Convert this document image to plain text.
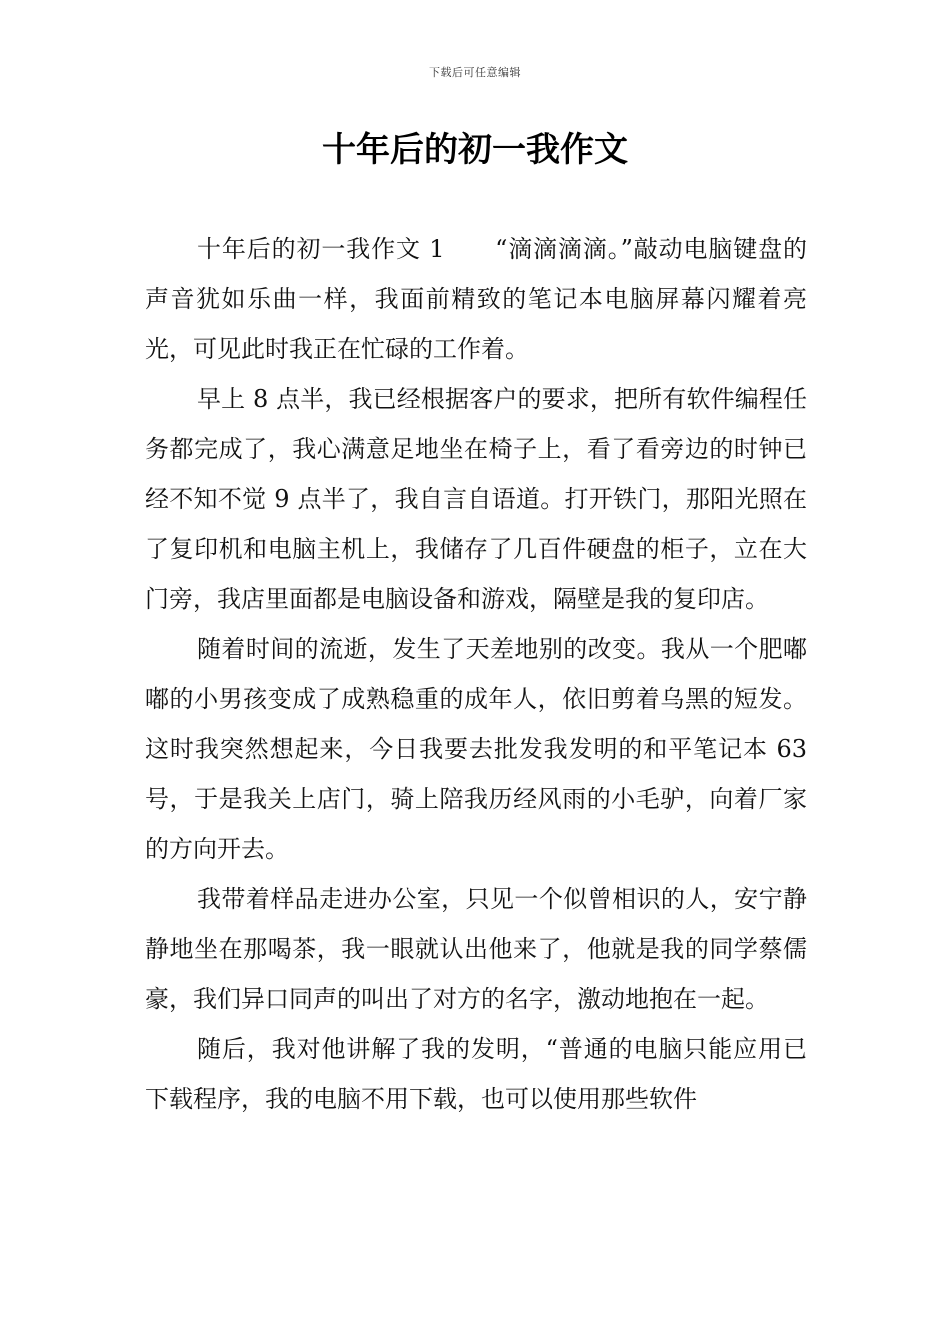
下载后可任意编辑
十年后的初一我作文

十年后的初一我作文 1　　“滴滴滴滴。”敲动电脑键盘的声音犹如乐曲一样，我面前精致的笔记本电脑屏幕闪耀着亮光，可见此时我正在忙碌的工作着。

早上 8 点半，我已经根据客户的要求，把所有软件编程任务都完成了，我心满意足地坐在椅子上，看了看旁边的时钟已经不知不觉 9 点半了，我自言自语道。打开铁门，那阳光照在了复印机和电脑主机上，我储存了几百件硬盘的柜子，立在大门旁，我店里面都是电脑设备和游戏，隔壁是我的复印店。

随着时间的流逝，发生了天差地别的改变。我从一个肥嘟嘟的小男孩变成了成熟稳重的成年人，依旧剪着乌黑的短发。这时我突然想起来，今日我要去批发我发明的和平笔记本 63 号，于是我关上店门，骑上陪我历经风雨的小毛驴，向着厂家的方向开去。

我带着样品走进办公室，只见一个似曾相识的人，安宁静静地坐在那喝茶，我一眼就认出他来了，他就是我的同学蔡儒豪，我们异口同声的叫出了对方的名字，激动地抱在一起。

随后，我对他讲解了我的发明，“普通的电脑只能应用已下载程序，我的电脑不用下载，也可以使用那些软件
